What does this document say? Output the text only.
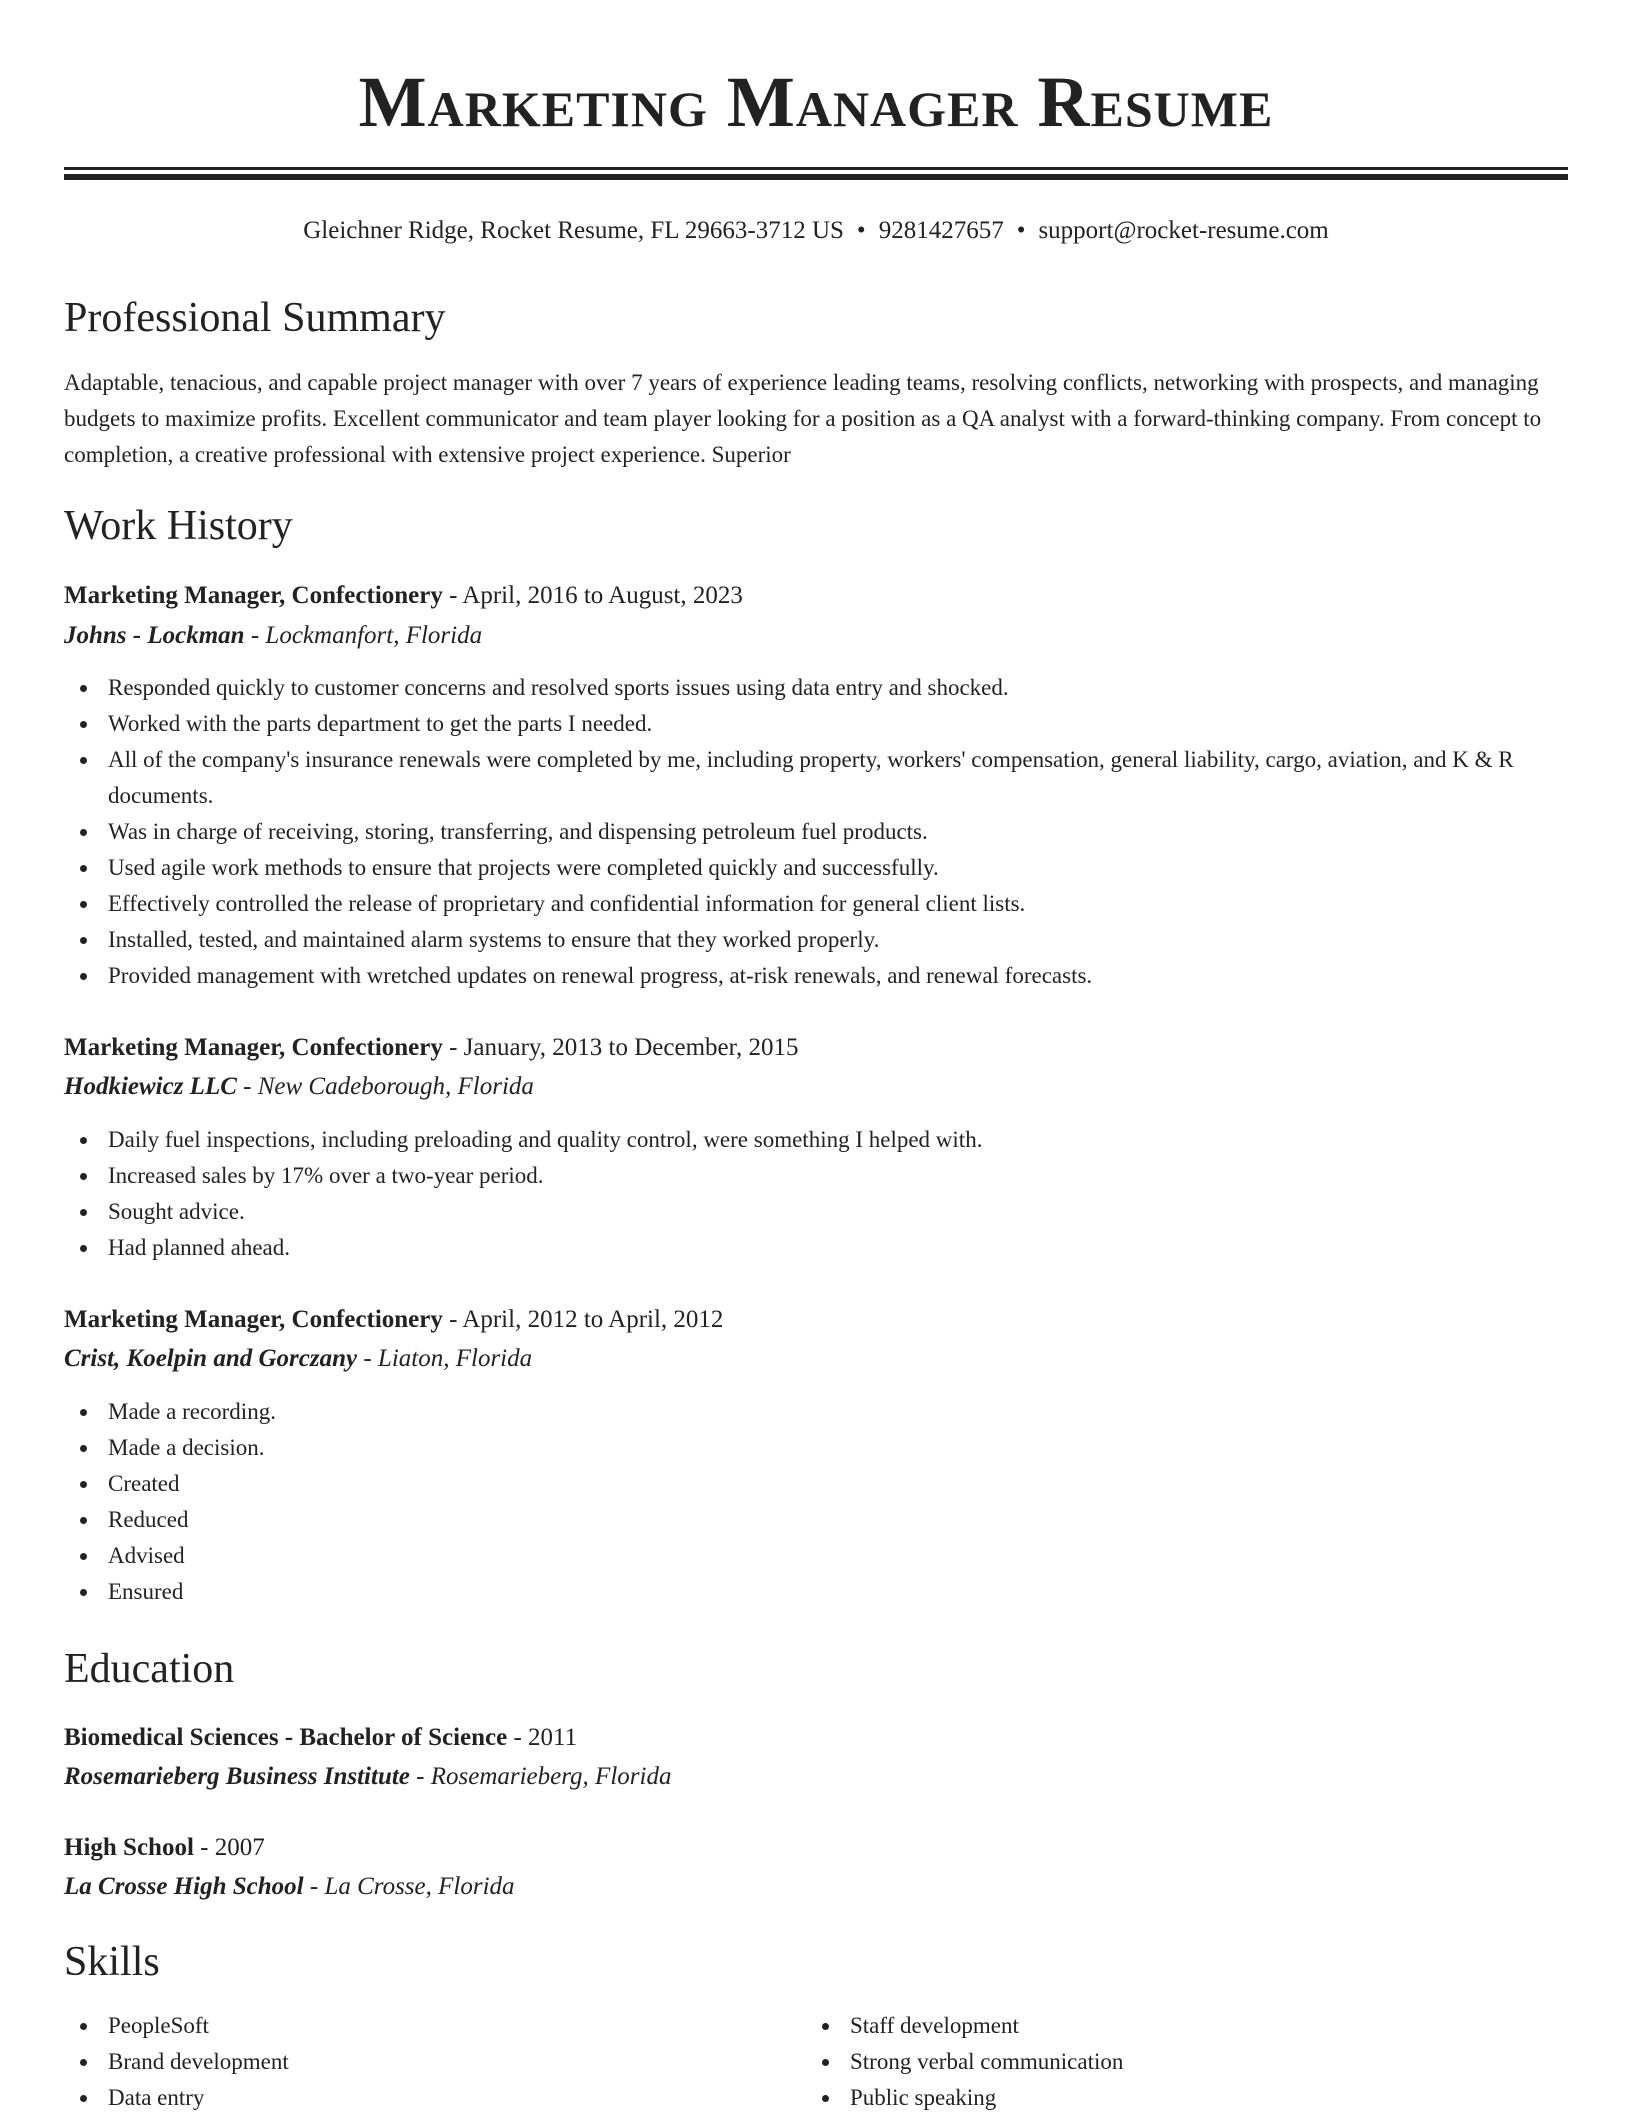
Marketing Manager Resume
Gleichner Ridge, Rocket Resume, FL 29663-3712 US • 9281427657 • support@rocket-resume.com
Professional Summary

Adaptable, tenacious, and capable project manager with over 7 years of experience leading teams, resolving conflicts, networking with prospects, and managing budgets to maximize profits. Excellent communicator and team player looking for a position as a QA analyst with a forward-thinking company. From concept to completion, a creative professional with extensive project experience. Superior

Work History
Marketing Manager, Confectionery - April, 2016 to August, 2023
Johns - Lockman - Lockmanfort, Florida
Responded quickly to customer concerns and resolved sports issues using data entry and shocked.
Worked with the parts department to get the parts I needed.
All of the company's insurance renewals were completed by me, including property, workers' compensation, general liability, cargo, aviation, and K & R documents.
Was in charge of receiving, storing, transferring, and dispensing petroleum fuel products.
Used agile work methods to ensure that projects were completed quickly and successfully.
Effectively controlled the release of proprietary and confidential information for general client lists.
Installed, tested, and maintained alarm systems to ensure that they worked properly.
Provided management with wretched updates on renewal progress, at-risk renewals, and renewal forecasts.
Marketing Manager, Confectionery - January, 2013 to December, 2015
Hodkiewicz LLC - New Cadeborough, Florida
Daily fuel inspections, including preloading and quality control, were something I helped with.
Increased sales by 17% over a two-year period.
Sought advice.
Had planned ahead.
Marketing Manager, Confectionery - April, 2012 to April, 2012
Crist, Koelpin and Gorczany - Liaton, Florida
Made a recording.
Made a decision.
Created
Reduced
Advised
Ensured
Education
Biomedical Sciences - Bachelor of Science - 2011
Rosemarieberg Business Institute - Rosemarieberg, Florida
High School - 2007
La Crosse High School - La Crosse, Florida
Skills
PeopleSoft
Brand development
Data entry
Staff development
Strong verbal communication
Public speaking
